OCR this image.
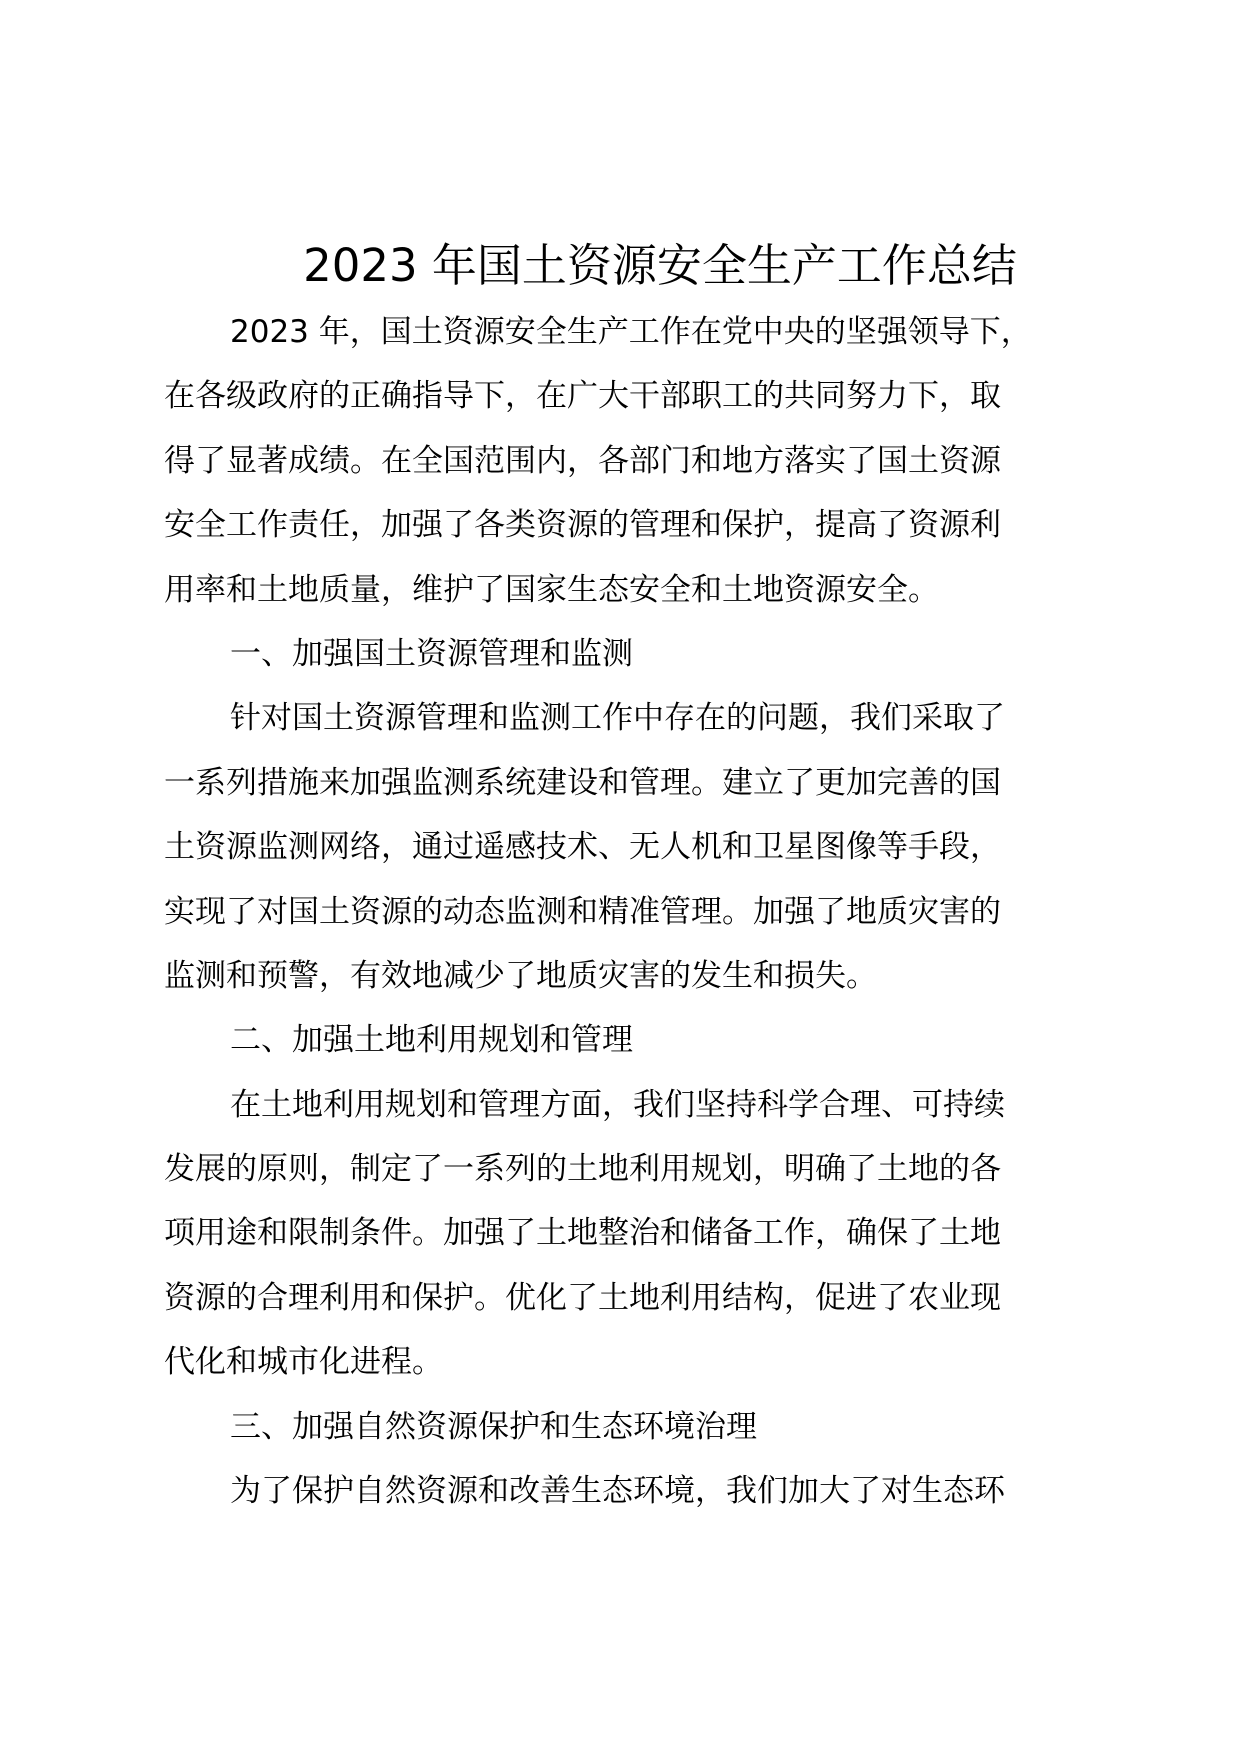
2023 年国土资源安全生产工作总结
2023 年，国土资源安全生产工作在党中央的坚强领导下，
在各级政府的正确指导下，在广大干部职工的共同努力下，取
得了显著成绩。在全国范围内，各部门和地方落实了国土资源
安全工作责任，加强了各类资源的管理和保护，提高了资源利
用率和土地质量，维护了国家生态安全和土地资源安全。
一、加强国土资源管理和监测
针对国土资源管理和监测工作中存在的问题，我们采取了
一系列措施来加强监测系统建设和管理。建立了更加完善的国
土资源监测网络，通过遥感技术、无人机和卫星图像等手段，
实现了对国土资源的动态监测和精准管理。加强了地质灾害的
监测和预警，有效地减少了地质灾害的发生和损失。
二、加强土地利用规划和管理
在土地利用规划和管理方面，我们坚持科学合理、可持续
发展的原则，制定了一系列的土地利用规划，明确了土地的各
项用途和限制条件。加强了土地整治和储备工作，确保了土地
资源的合理利用和保护。优化了土地利用结构，促进了农业现
代化和城市化进程。
三、加强自然资源保护和生态环境治理
为了保护自然资源和改善生态环境，我们加大了对生态环
